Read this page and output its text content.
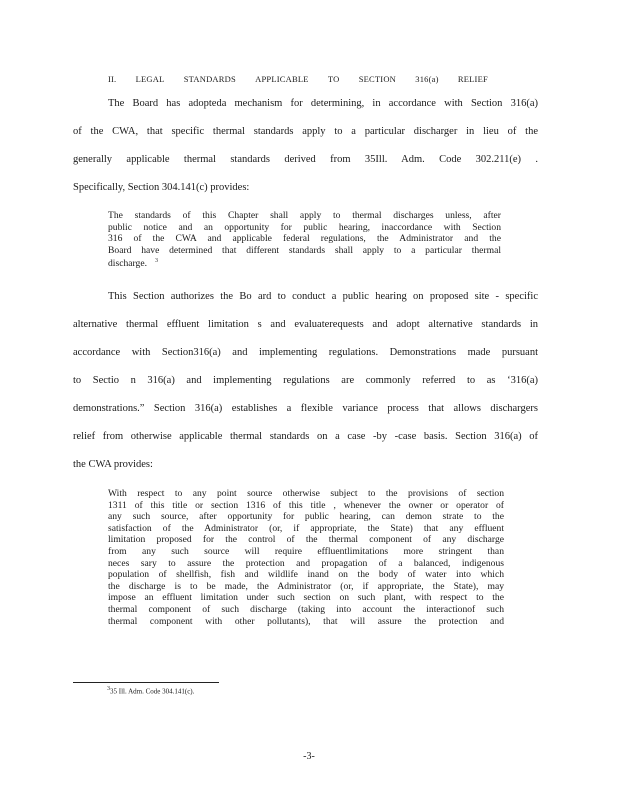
II. LEGAL STANDARDS APPLICABLE TO SECTION 316(a) RELIEF
The Board has adopteda mechanism for determining, in accordance with Section 316(a)
of the CWA, that specific thermal standards apply to a particular discharger in lieu of the
generally applicable thermal standards derived from 35Ill. Adm. Code 302.211(e) .
Specifically, Section 304.141(c) provides:
The standards of this Chapter shall apply to thermal discharges unless, after
public notice and an opportunity for public hearing, inaccordance with Section
316 of the CWA and applicable federal regulations, the Administrator and the
Board have determined that different standards shall apply to a particular thermal
discharge. $^3$
This Section authorizes the Bo ard to conduct a public hearing on proposed site - specific
alternative thermal effluent limitation s and evaluaterequests and adopt alternative standards in
accordance with Section316(a) and implementing regulations. Demonstrations made pursuant
to Sectio n 316(a) and implementing regulations are commonly referred to as ‘316(a)
demonstrations.” Section 316(a) establishes a flexible variance process that allows dischargers
relief from otherwise applicable thermal standards on a case -by -case basis. Section 316(a) of
the CWA provides:
With respect to any point source otherwise subject to the provisions of section
1311 of this title or section 1316 of this title , whenever the owner or operator of
any such source, after opportunity for public hearing, can demon strate to the
satisfaction of the Administrator (or, if appropriate, the State) that any effluent
limitation proposed for the control of the thermal component of any discharge
from any such source will require effluentlimitations more stringent than
neces sary to assure the protection and propagation of a balanced, indigenous
population of shellfish, fish and wildlife inand on the body of water into which
the discharge is to be made, the Administrator (or, if appropriate, the State), may
impose an effluent limitation under such section on such plant, with respect to the
thermal component of such discharge (taking into account the interactionof such
thermal component with other pollutants), that will assure the protection and
$^3$35 Ill. Adm. Code 304.141(c).
-3-
